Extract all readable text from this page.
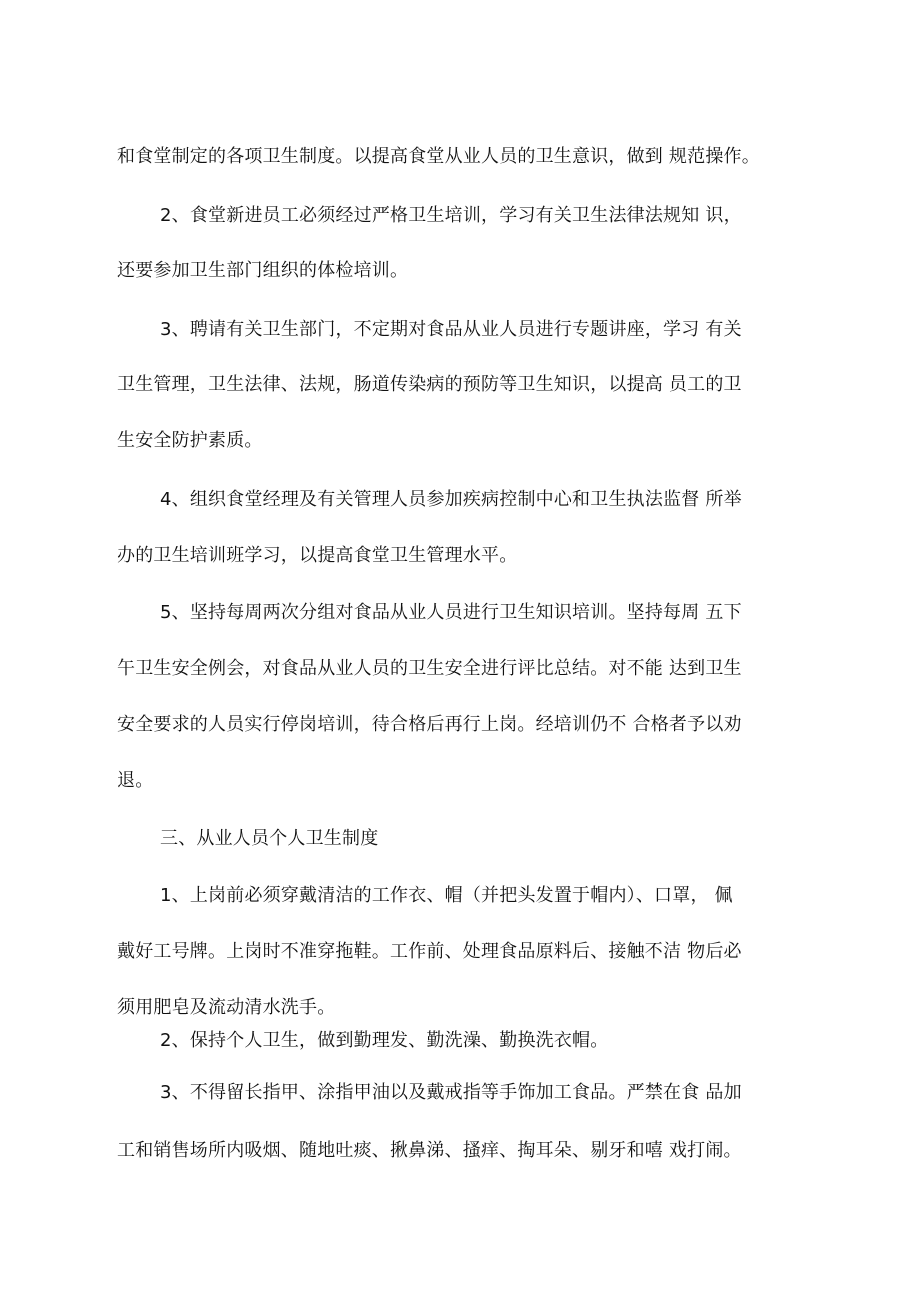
和食堂制定的各项卫生制度。以提高食堂从业人员的卫生意识，做到 规范操作。
2、食堂新进员工必须经过严格卫生培训，学习有关卫生法律法规知 识，
还要参加卫生部门组织的体检培训。
3、聘请有关卫生部门，不定期对食品从业人员进行专题讲座，学习 有关
卫生管理，卫生法律、法规，肠道传染病的预防等卫生知识，以提高 员工的卫
生安全防护素质。
4、组织食堂经理及有关管理人员参加疾病控制中心和卫生执法监督 所举
办的卫生培训班学习，以提高食堂卫生管理水平。
5、坚持每周两次分组对食品从业人员进行卫生知识培训。坚持每周 五下
午卫生安全例会，对食品从业人员的卫生安全进行评比总结。对不能 达到卫生
安全要求的人员实行停岗培训，待合格后再行上岗。经培训仍不 合格者予以劝
退。
三、从业人员个人卫生制度
1、上岗前必须穿戴清洁的工作衣、帽（并把头发置于帽内）、口罩， 佩
戴好工号牌。上岗时不准穿拖鞋。工作前、处理食品原料后、接触不洁 物后必
须用肥皂及流动清水洗手。
2、保持个人卫生，做到勤理发、勤洗澡、勤换洗衣帽。
3、不得留长指甲、涂指甲油以及戴戒指等手饰加工食品。严禁在食 品加
工和销售场所内吸烟、随地吐痰、揪鼻涕、搔痒、掏耳朵、剔牙和嘻 戏打闹。
